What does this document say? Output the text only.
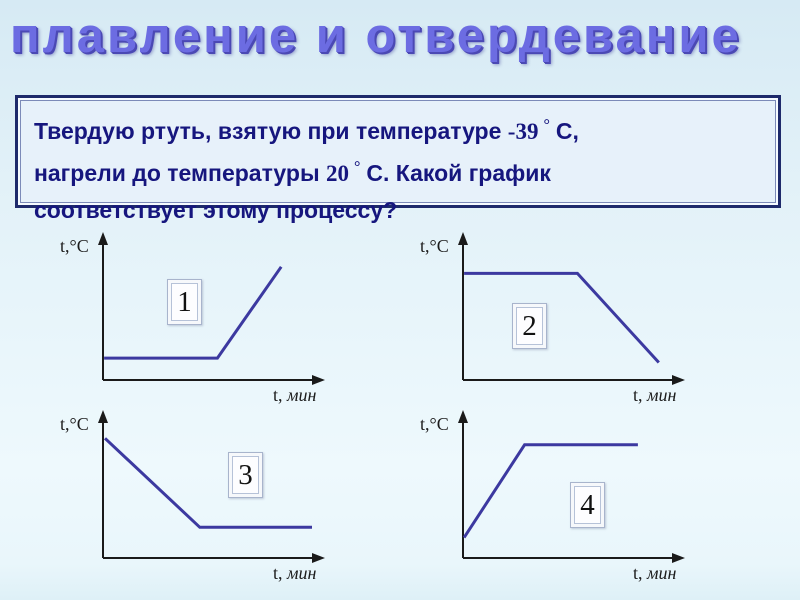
плавление и отвердевание

Твердую ртуть, взятую при температуре -39 ° С,

нагрели до температуры 20 ° С. Какой график

соответствует этому процессу?

t,°C
t, мин
1
t,°C
t, мин
2
t,°C
t, мин
3
t,°C
t, мин
4
